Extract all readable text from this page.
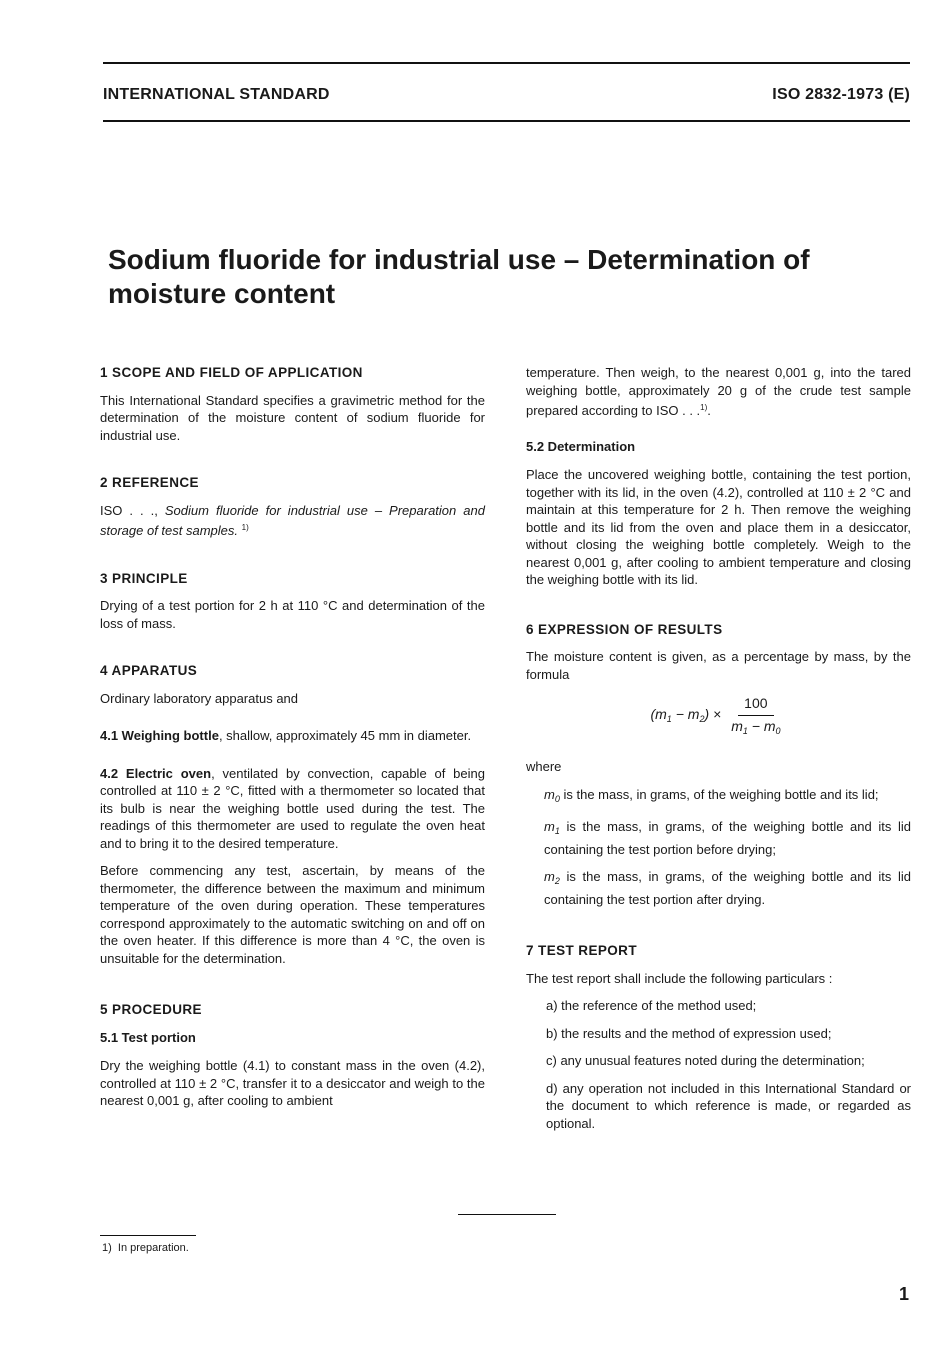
INTERNATIONAL STANDARD	ISO 2832-1973 (E)
Sodium fluoride for industrial use – Determination of moisture content
1 SCOPE AND FIELD OF APPLICATION

This International Standard specifies a gravimetric method for the determination of the moisture content of sodium fluoride for industrial use.

2 REFERENCE

ISO . . ., Sodium fluoride for industrial use – Preparation and storage of test samples. $^{1)}$

3 PRINCIPLE

Drying of a test portion for 2 h at 110 °C and determination of the loss of mass.

4 APPARATUS

Ordinary laboratory apparatus and

4.1 Weighing bottle, shallow, approximately 45 mm in diameter.

4.2 Electric oven, ventilated by convection, capable of being controlled at 110 ± 2 °C, fitted with a thermometer so located that its bulb is near the weighing bottle used during the test. The readings of this thermometer are used to regulate the oven heat and to bring it to the desired temperature.

Before commencing any test, ascertain, by means of the thermometer, the difference between the maximum and minimum temperature of the oven during operation. These temperatures correspond approximately to the automatic switching on and off on the oven heater. If this difference is more than 4 °C, the oven is unsuitable for the determination.

5 PROCEDURE
5.1 Test portion

Dry the weighing bottle (4.1) to constant mass in the oven (4.2), controlled at 110 ± 2 °C, transfer it to a desiccator and weigh to the nearest 0,001 g, after cooling to ambient

temperature. Then weigh, to the nearest 0,001 g, into the tared weighing bottle, approximately 20 g of the crude test sample prepared according to ISO . . .$^{1)}$.

5.2 Determination

Place the uncovered weighing bottle, containing the test portion, together with its lid, in the oven (4.2), controlled at 110 ± 2 °C and maintain at this temperature for 2 h. Then remove the weighing bottle and its lid from the oven and place them in a desiccator, without closing the weighing bottle completely. Weigh to the nearest 0,001 g, after cooling to ambient temperature and closing the weighing bottle with its lid.

6 EXPRESSION OF RESULTS

The moisture content is given, as a percentage by mass, by the formula

$(m_1 - m_2) \times \frac{100}{m_1 - m_0}$

where

$m_0$ is the mass, in grams, of the weighing bottle and its lid;

$m_1$ is the mass, in grams, of the weighing bottle and its lid containing the test portion before drying;

$m_2$ is the mass, in grams, of the weighing bottle and its lid containing the test portion after drying.

7 TEST REPORT

The test report shall include the following particulars :

a) the reference of the method used;

b) the results and the method of expression used;

c) any unusual features noted during the determination;

d) any operation not included in this International Standard or the document to which reference is made, or regarded as optional.

1) In preparation.
1
